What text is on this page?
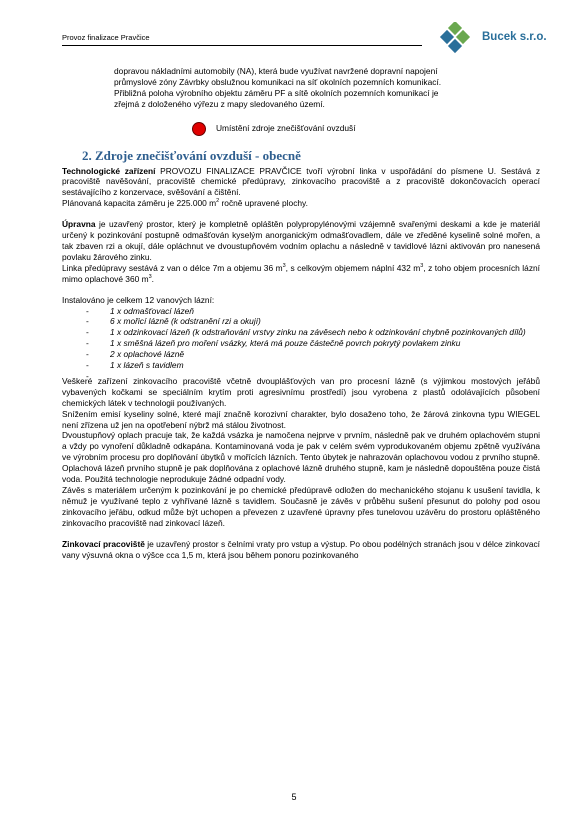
Provoz finalizace Pravčice	Bucek s.r.o.

dopravou nákladními automobily (NA), která bude využívat navržené dopravní napojení

průmyslové zóny Závrbky obslužnou komunikaci na síť okolních pozemních komunikací.

Přibližná poloha výrobního objektu záměru PF a sítě okolních pozemních komunikací je

zřejmá z doloženého výřezu z mapy sledovaného území.

Umístění zdroje znečišťování ovzduší
2. Zdroje znečišťování ovzduší - obecně

Technologické zařízení PROVOZU FINALIZACE PRAVČICE tvoří výrobní linka v uspořádání do písmene U. Sestává z pracoviště navěšování, pracoviště chemické předúpravy, zinkovacího pracoviště a z pracoviště dokončovacích operací sestávajícího z konzervace, svěšování a čištění.

Plánovaná kapacita záměru je 225.000 $m^2$ ročně upravené plochy.

Úpravna je uzavřený prostor, který je kompletně opláštěn polypropylénovými vzájemně svařenými deskami a kde je materiál určený k pozinkování postupně odmašťován kyselým anorganickým odmašťovadlem, dále ve zředěné kyselině solné mořen, a tak zbaven rzi a okují, dále opláchnut ve dvoustupňovém vodním oplachu a následně v tavidlové lázni aktivován pro nanesená povlaku žárového zinku.

Linka předúpravy sestává z van o délce 7m a objemu 36 $m^3$, s celkovým objemem náplní 432 $m^3$, z toho objem procesních lázní mimo oplachové 360 $m^3$.

Instalováno je celkem 12 vanových lázní:

- 1 x odmašťovací lázeň
- 6 x mořicí lázně (k odstranění rzi a okují)
- 1 x odzinkovací lázeň (k odstraňování vrstvy zinku na závěsech nebo k odzinkování chybně pozinkovaných dílů)
- 1 x směšná lázeň pro moření vsázky, která má pouze částečně povrch pokrytý povlakem zinku
- 2 x oplachové lázně
- 1 x lázeň s tavidlem

Veškeré zařízení zinkovacího pracoviště včetně dvouplášťových van pro procesní lázně (s výjimkou mostových jeřábů vybavených kočkami se speciálním krytím proti agresivnímu prostředí) jsou vyrobena z plastů odolávajících působení chemických látek v technologii používaných.

Snížením emisí kyseliny solné, které mají značně korozivní charakter, bylo dosaženo toho, že žárová zinkovna typu WIEGEL není zřízena už jen na opotřebení nýbrž má stálou životnost.

Dvoustupňový oplach pracuje tak, že každá vsázka je namočena nejprve v prvním, následně pak ve druhém oplachovém stupni a vždy po vynoření důkladně odkapána. Kontaminovaná voda je pak v celém svém vyprodukovaném objemu zpětně využívána ve výrobním procesu pro doplňování úbytků v mořících lázních. Tento úbytek je nahrazován oplachovou vodou z prvního stupně. Oplachová lázeň prvního stupně je pak doplňována z oplachové lázně druhého stupně, kam je následně dopouštěna pouze čistá voda. Použitá technologie neprodukuje žádné odpadní vody.

Závěs s materiálem určeným k pozinkování je po chemické předúpravě odložen do mechanického stojanu k usušení tavidla, k němuž je využívané teplo z vyhřívané lázně s tavidlem. Současně je závěs v průběhu sušení přesunut do polohy pod osou zinkovacího jeřábu, odkud může být uchopen a převezen z uzavřené úpravny přes tunelovou uzávěru do prostoru opláštěného zinkovacího pracoviště nad zinkovací lázeň.

Zinkovací pracoviště je uzavřený prostor s čelními vraty pro vstup a výstup. Po obou podélných stranách jsou v délce zinkovací vany výsuvná okna o výšce cca 1,5 m, která jsou během ponoru pozinkovaného

5
